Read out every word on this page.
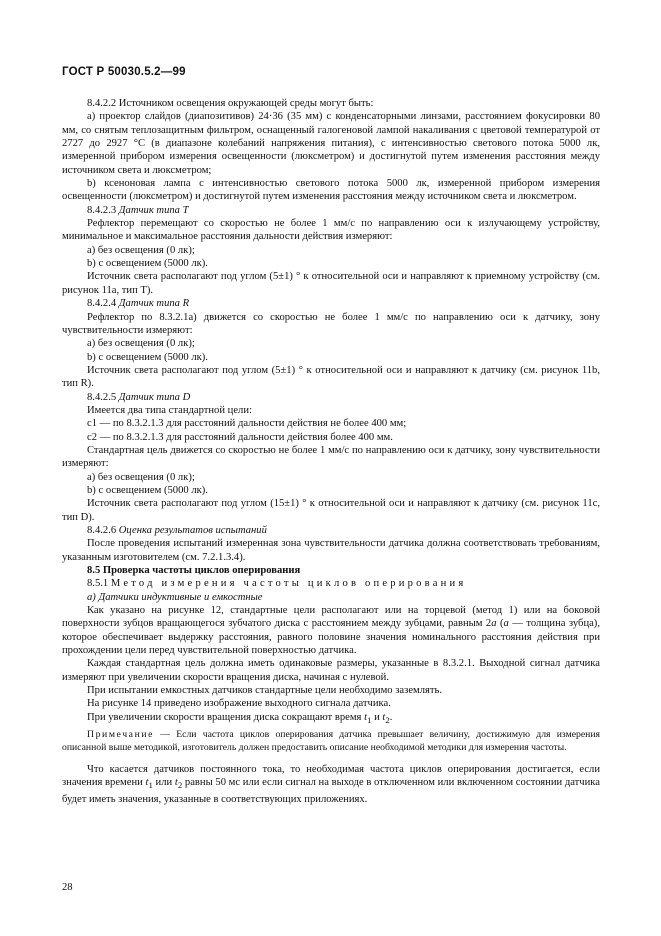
ГОСТ Р 50030.5.2—99

8.4.2.2 Источником освещения окружающей среды могут быть:

а) проектор слайдов (диапозитивов) 24·36 (35 мм) с конденсаторными линзами, расстоянием фокусировки 80 мм, со снятым теплозащитным фильтром, оснащенный галогеновой лампой накаливания с цветовой температурой от 2727 до 2927 °С (в диапазоне колебаний напряжения питания), с интенсивностью светового потока 5000 лк, измеренной прибором измерения освещенности (люксметром) и достигнутой путем изменения расстояния между источником света и люксметром;

b) ксеноновая лампа с интенсивностью светового потока 5000 лк, измеренной прибором измерения освещенности (люксметром) и достигнутой путем изменения расстояния между источником света и люксметром.

8.4.2.3 Датчик типа T

Рефлектор перемещают со скоростью не более 1 мм/с по направлению оси к излучающему устройству, минимальное и максимальное расстояния дальности действия измеряют:

а) без освещения (0 лк);

b) с освещением (5000 лк).

Источник света располагают под углом (5±1) ° к относительной оси и направляют к приемному устройству (см. рисунок 11a, тип T).

8.4.2.4 Датчик типа R

Рефлектор по 8.3.2.1a) движется со скоростью не более 1 мм/с по направлению оси к датчику, зону чувствительности измеряют:

а) без освещения (0 лк);

b) с освещением (5000 лк).

Источник света располагают под углом (5±1) ° к относительной оси и направляют к датчику (см. рисунок 11b, тип R).

8.4.2.5 Датчик типа D

Имеется два типа стандартной цели:

c1 — по 8.3.2.1.3 для расстояний дальности действия не более 400 мм;

c2 — по 8.3.2.1.3 для расстояний дальности действия более 400 мм.

Стандартная цель движется со скоростью не более 1 мм/с по направлению оси к датчику, зону чувствительности измеряют:

а) без освещения (0 лк);

b) с освещением (5000 лк).

Источник света располагают под углом (15±1) ° к относительной оси и направляют к датчику (см. рисунок 11c, тип D).

8.4.2.6 Оценка результатов испытаний

После проведения испытаний измеренная зона чувствительности датчика должна соответствовать требованиям, указанным изготовителем (см. 7.2.1.3.4).

8.5 Проверка частоты циклов оперирования

8.5.1 Метод измерения частоты циклов оперирования

а) Датчики индуктивные и емкостные

Как указано на рисунке 12, стандартные цели располагают или на торцевой (метод 1) или на боковой поверхности зубцов вращающегося зубчатого диска с расстоянием между зубцами, равным 2а (а — толщина зубца), которое обеспечивает выдержку расстояния, равного половине значения номинального расстояния действия при прохождении цели перед чувствительной поверхностью датчика.

Каждая стандартная цель должна иметь одинаковые размеры, указанные в 8.3.2.1. Выходной сигнал датчика измеряют при увеличении скорости вращения диска, начиная с нулевой.

При испытании емкостных датчиков стандартные цели необходимо заземлять.

На рисунке 14 приведено изображение выходного сигнала датчика.

При увеличении скорости вращения диска сокращают время $t_1$ и $t_2$.

Примечание — Если частота циклов оперирования датчика превышает величину, достижимую для измерения описанной выше методикой, изготовитель должен предоставить описание необходимой методики для измерения частоты.

Что касается датчиков постоянного тока, то необходимая частота циклов оперирования достигается, если значения времени $t_1$ или $t_2$ равны 50 мс или если сигнал на выходе в отключенном или включенном состоянии датчика будет иметь значения, указанные в соответствующих приложениях.

28
